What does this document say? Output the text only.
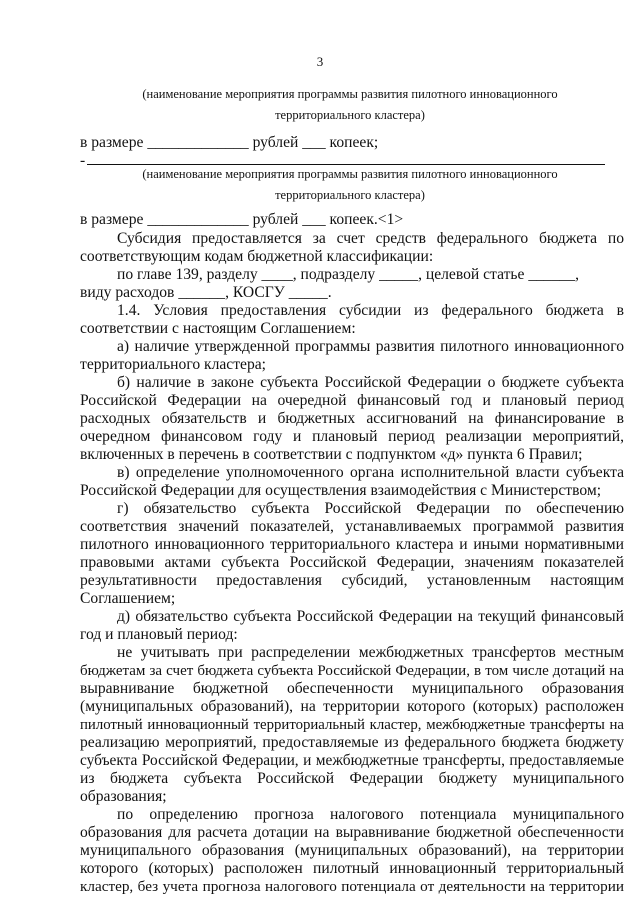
3
(наименование мероприятия программы развития пилотного инновационного
территориального кластера)
в размере _____________ рублей ___ копеек;
-
(наименование мероприятия программы развития пилотного инновационного
территориального кластера)
в размере _____________ рублей ___ копеек.<1>
Субсидия предоставляется за счет средств федерального бюджета по
соответствующим кодам бюджетной классификации:
по главе 139, разделу ____, подразделу _____, целевой статье ______,
виду расходов ______, КОСГУ _____.
1.4. Условия предоставления субсидии из федерального бюджета в
соответствии с настоящим Соглашением:
а) наличие утвержденной программы развития пилотного инновационного
территориального кластера;
б) наличие в законе субъекта Российской Федерации о бюджете субъекта
Российской Федерации на очередной финансовый год и плановый период
расходных обязательств и бюджетных ассигнований на финансирование в
очередном финансовом году и плановый период реализации мероприятий,
включенных в перечень в соответствии с подпунктом «д» пункта 6 Правил;
в) определение уполномоченного органа исполнительной власти субъекта
Российской Федерации для осуществления взаимодействия с Министерством;
г) обязательство субъекта Российской Федерации по обеспечению
соответствия значений показателей, устанавливаемых программой развития
пилотного инновационного территориального кластера и иными нормативными
правовыми актами субъекта Российской Федерации, значениям показателей
результативности предоставления субсидий, установленным настоящим
Соглашением;
д) обязательство субъекта Российской Федерации на текущий финансовый
год и плановый период:
не учитывать при распределении межбюджетных трансфертов местным
бюджетам за счет бюджета субъекта Российской Федерации, в том числе дотаций на
выравнивание бюджетной обеспеченности муниципального образования
(муниципальных образований), на территории которого (которых) расположен
пилотный инновационный территориальный кластер, межбюджетные трансферты на
реализацию мероприятий, предоставляемые из федерального бюджета бюджету
субъекта Российской Федерации, и межбюджетные трансферты, предоставляемые
из бюджета субъекта Российской Федерации бюджету муниципального
образования;
по определению прогноза налогового потенциала муниципального
образования для расчета дотации на выравнивание бюджетной обеспеченности
муниципального образования (муниципальных образований), на территории
которого (которых) расположен пилотный инновационный территориальный
кластер, без учета прогноза налогового потенциала от деятельности на территории
